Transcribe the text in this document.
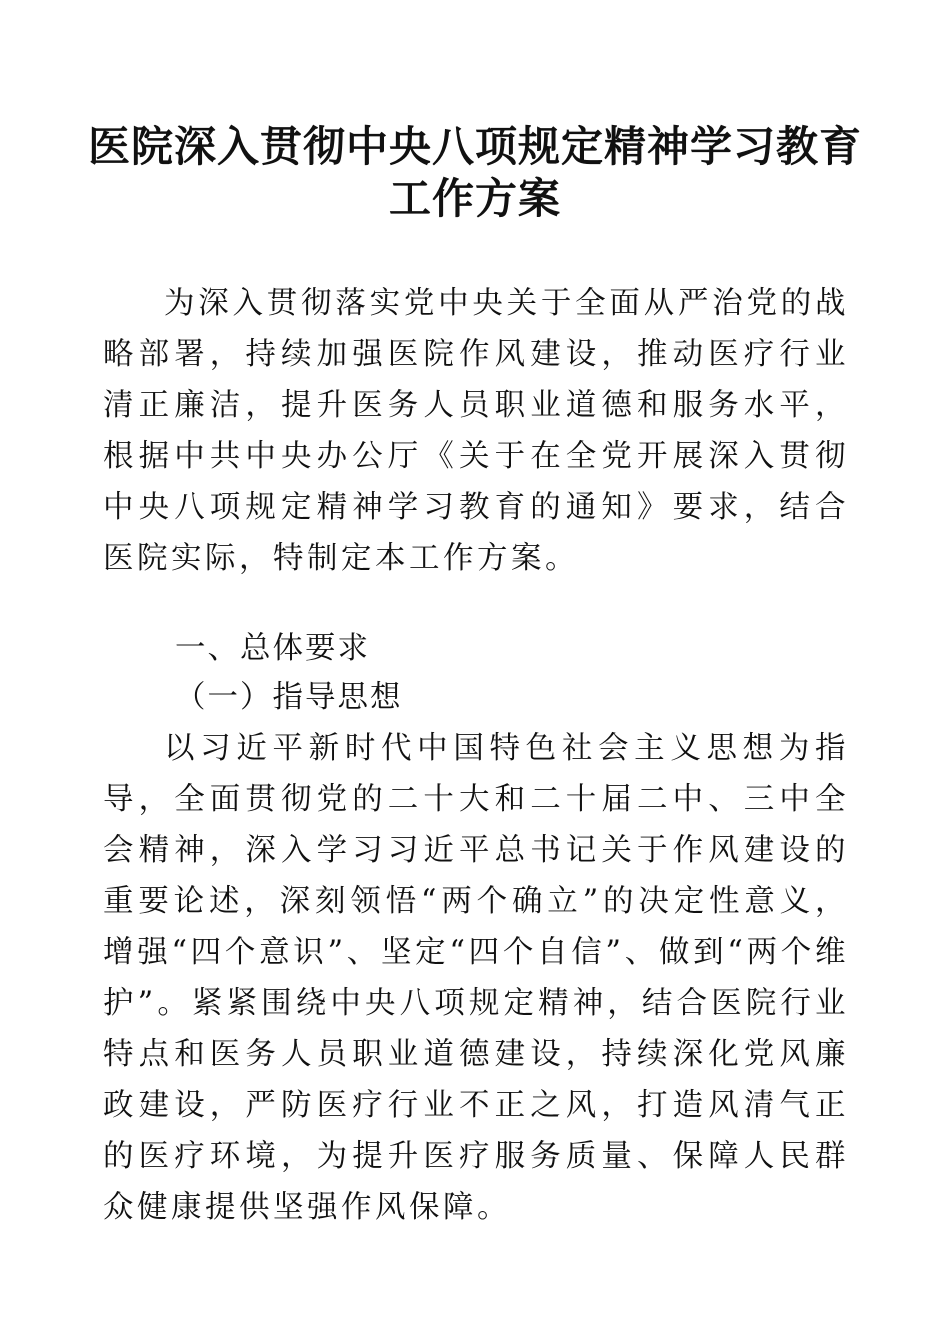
医院深入贯彻中央八项规定精神学习教育
工作方案

为深入贯彻落实党中央关于全面从严治党的战略部署，持续加强医院作风建设，推动医疗行业清正廉洁，提升医务人员职业道德和服务水平，根据中共中央办公厅《关于在全党开展深入贯彻中央八项规定精神学习教育的通知》要求，结合医院实际，特制定本工作方案。

一、总体要求

（一）指导思想

以习近平新时代中国特色社会主义思想为指导，全面贯彻党的二十大和二十届二中、三中全会精神，深入学习习近平总书记关于作风建设的重要论述，深刻领悟“两个确立”的决定性意义，增强“四个意识”、坚定“四个自信”、做到“两个维护”。紧紧围绕中央八项规定精神，结合医院行业特点和医务人员职业道德建设，持续深化党风廉政建设，严防医疗行业不正之风，打造风清气正的医疗环境，为提升医疗服务质量、保障人民群众健康提供坚强作风保障。
